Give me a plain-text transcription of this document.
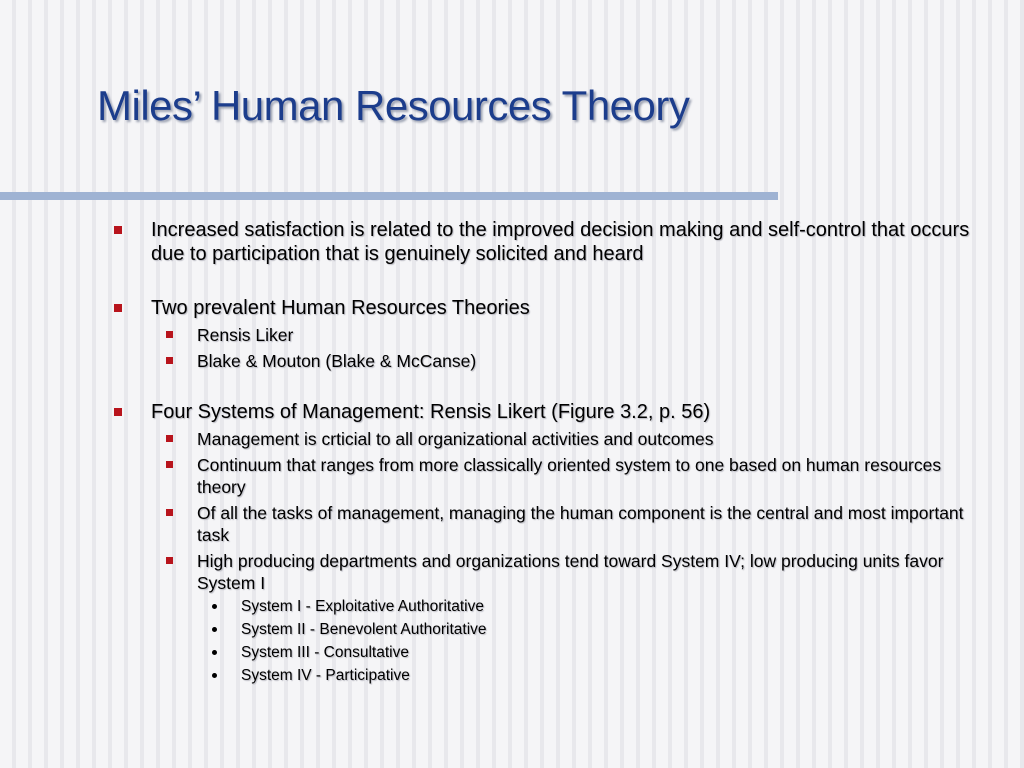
Miles’ Human Resources Theory
Increased satisfaction is related to the improved decision making and self-control that occurs due to participation that is genuinely solicited and heard
Two prevalent Human Resources Theories
Rensis Liker
Blake & Mouton (Blake & McCanse)
Four Systems of Management: Rensis Likert (Figure 3.2, p. 56)
Management is crticial to all organizational activities and outcomes
Continuum that ranges from more classically oriented system to one based on human resources theory
Of all the tasks of management, managing the human component is the central and most important task
High producing departments and organizations tend toward System IV; low producing units favor System I
System I - Exploitative Authoritative
System II - Benevolent Authoritative
System III - Consultative
System IV - Participative
